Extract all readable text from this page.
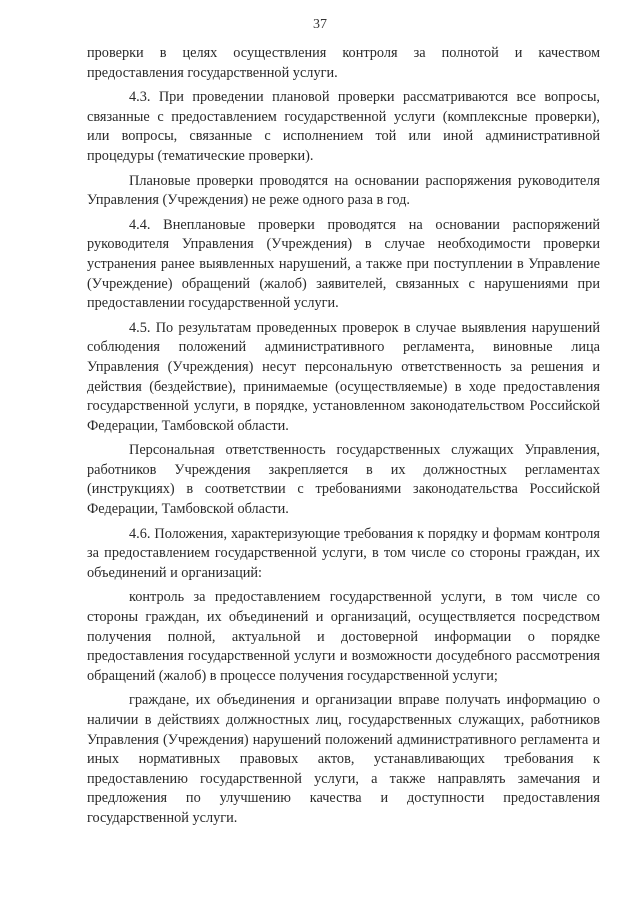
37

проверки в целях осуществления контроля за полнотой и качеством предоставления государственной услуги.

4.3. При проведении плановой проверки рассматриваются все вопросы, связанные с предоставлением государственной услуги (комплексные проверки), или вопросы, связанные с исполнением той или иной административной процедуры (тематические проверки).

Плановые проверки проводятся на основании распоряжения руководителя Управления (Учреждения) не реже одного раза в год.

4.4. Внеплановые проверки проводятся на основании распоряжений руководителя Управления (Учреждения) в случае необходимости проверки устранения ранее выявленных нарушений, а также при поступлении в Управление (Учреждение) обращений (жалоб) заявителей, связанных с нарушениями при предоставлении государственной услуги.

4.5. По результатам проведенных проверок в случае выявления нарушений соблюдения положений административного регламента, виновные лица Управления (Учреждения) несут персональную ответственность за решения и действия (бездействие), принимаемые (осуществляемые) в ходе предоставления государственной услуги, в порядке, установленном законодательством Российской Федерации, Тамбовской области.

Персональная ответственность государственных служащих Управления, работников Учреждения закрепляется в их должностных регламентах (инструкциях) в соответствии с требованиями законодательства Российской Федерации, Тамбовской области.

4.6. Положения, характеризующие требования к порядку и формам контроля за предоставлением государственной услуги, в том числе со стороны граждан, их объединений и организаций:

контроль за предоставлением государственной услуги, в том числе со стороны граждан, их объединений и организаций, осуществляется посредством получения полной, актуальной и достоверной информации о порядке предоставления государственной услуги и возможности досудебного рассмотрения обращений (жалоб) в процессе получения государственной услуги;

граждане, их объединения и организации вправе получать информацию о наличии в действиях должностных лиц, государственных служащих, работников Управления (Учреждения) нарушений положений административного регламента и иных нормативных правовых актов, устанавливающих требования к предоставлению государственной услуги, а также направлять замечания и предложения по улучшению качества и доступности предоставления государственной услуги.
